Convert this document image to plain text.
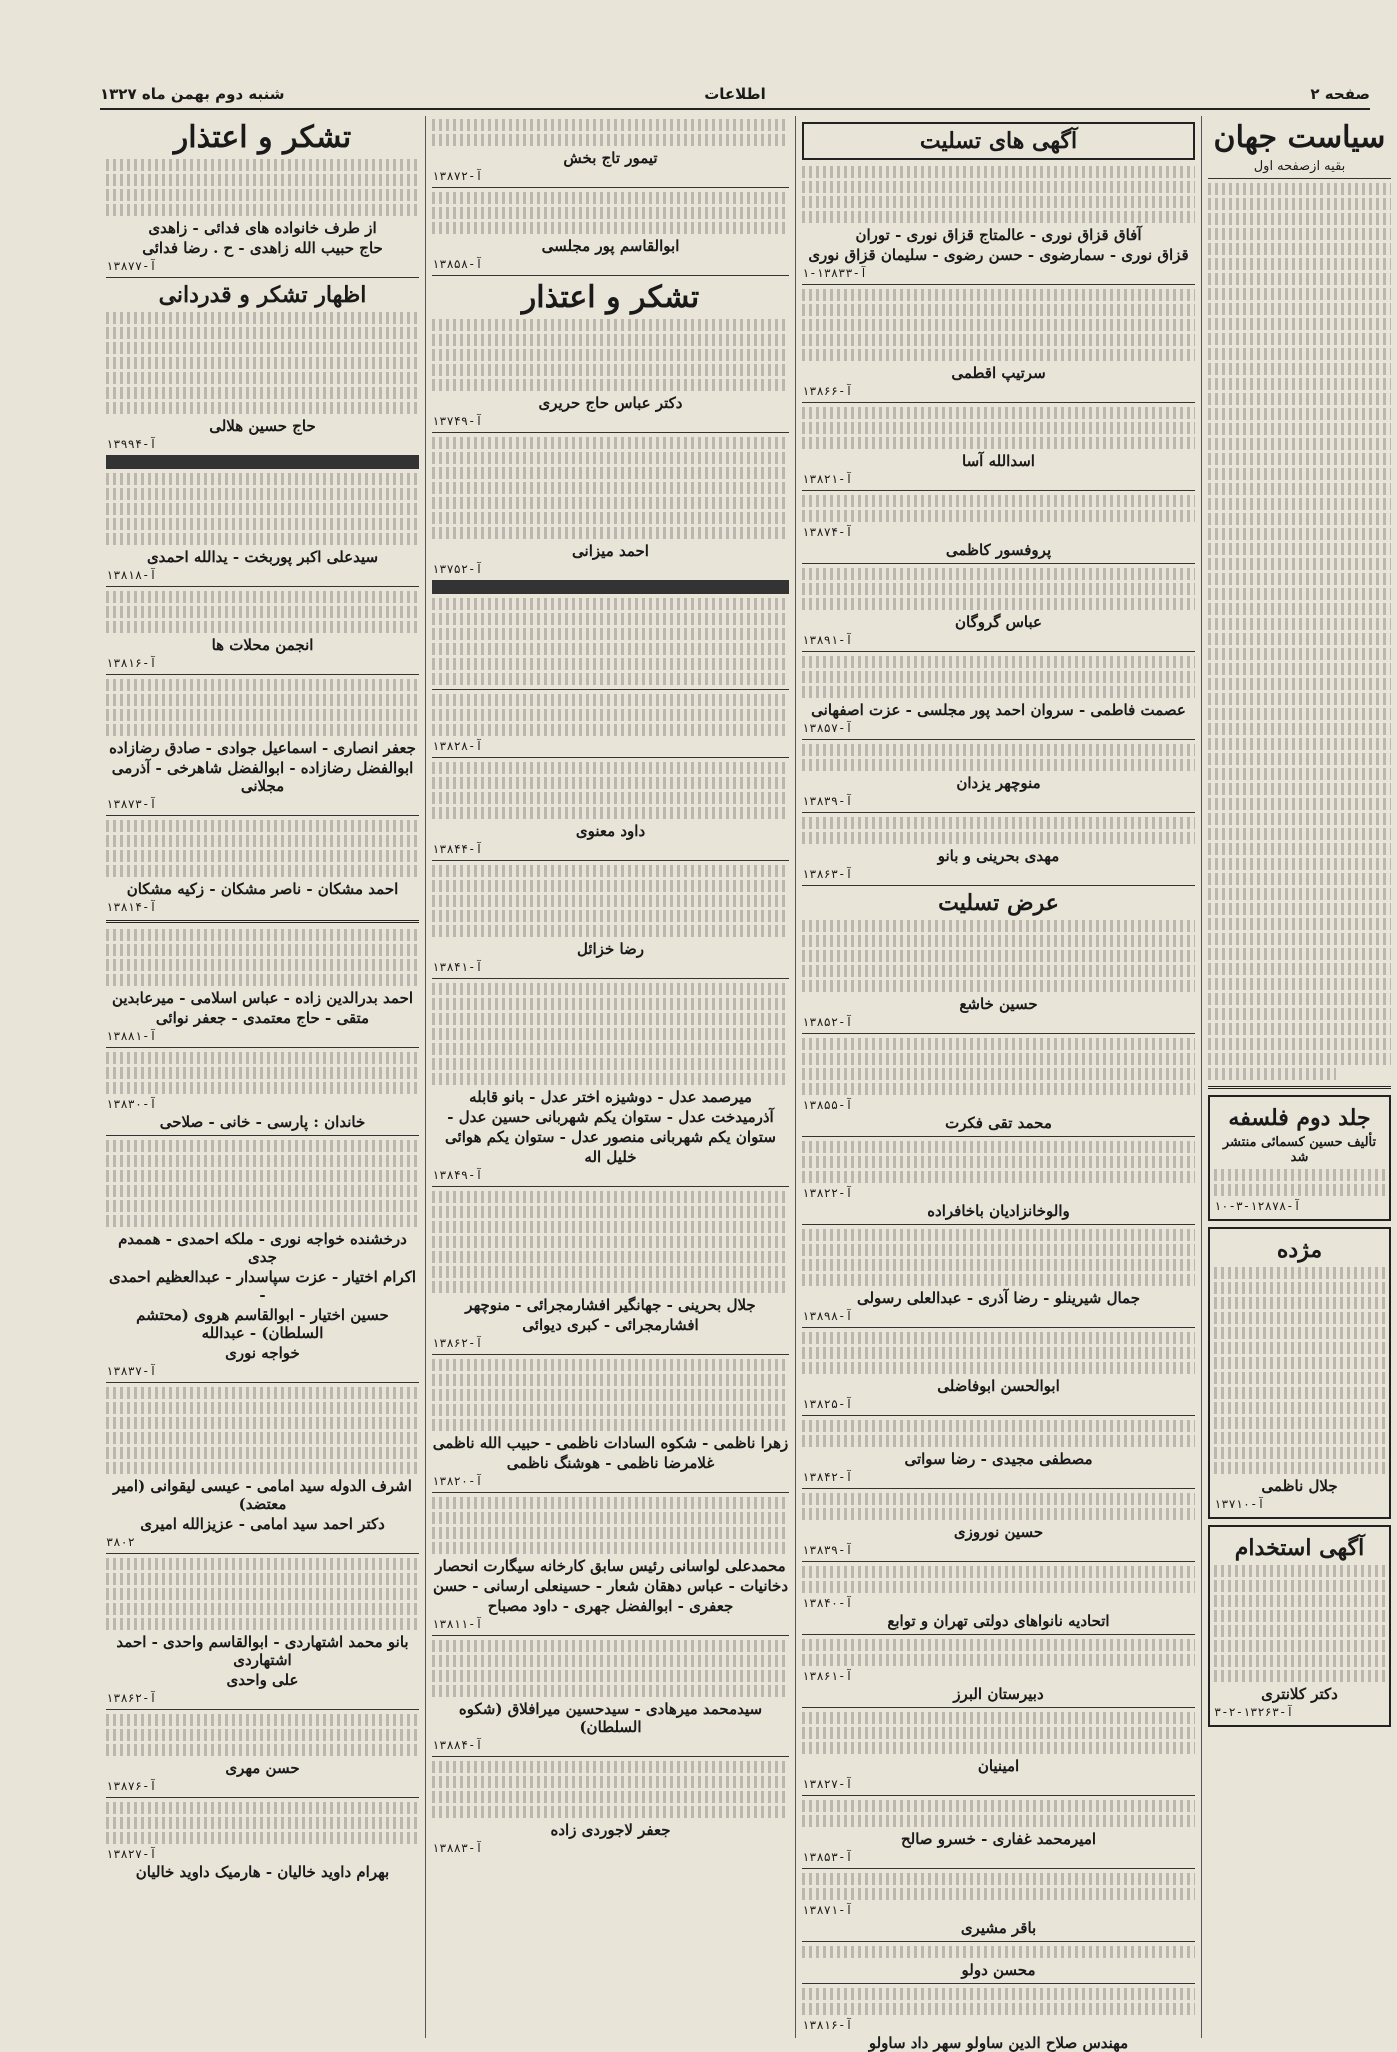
صفحه ۲
اطلاعات
شنبه دوم بهمن ماه ۱۳۲۷
سیاست جهان
بقیه ازصفحه اول
جلد دوم فلسفه
تألیف حسین کسمائی منتشر شد
آ-۱۲۸۷۸-۳-۱۰
مژده
جلال ناظمی
آ-۱۳۷۱۰
آگهی استخدام
دکتر کلانتری
آ-۱۳۲۶۳-۲-۳
آگهی های تسلیت
آفاق قزاق نوری - عالمتاج قزاق نوری - توران
قزاق نوری - سمارضوی - حسن رضوی - سلیمان قزاق نوری
آ-۱۳۸۳۳-۱
سرتیپ اقطمی
آ-۱۳۸۶۶
اسدالله آسا
آ-۱۳۸۲۱
آ-۱۳۸۷۴
پروفسور کاظمی
عباس گروگان
آ-۱۳۸۹۱
عصمت فاطمی - سروان احمد پور مجلسی - عزت اصفهانی
آ-۱۳۸۵۷
منوچهر یزدان
آ-۱۳۸۳۹
مهدی بحرینی و بانو
آ-۱۳۸۶۳
عرض تسلیت
حسین خاشع
آ-۱۳۸۵۲
آ-۱۳۸۵۵
محمد تقی فکرت
آ-۱۳۸۲۲
والوخانزادیان باخافراده
جمال شیرینلو - رضا آذری - عبدالعلی رسولی
آ-۱۳۸۹۸
ابوالحسن ابوفاضلی
آ-۱۳۸۲۵
مصطفی مجیدی - رضا سواتی
آ-۱۳۸۴۲
حسین نوروزی
آ-۱۳۸۳۹
آ-۱۳۸۴۰
اتحادیه نانواهای دولتی تهران و توابع
آ-۱۳۸۶۱
دبیرستان البرز
امینیان
آ-۱۳۸۲۷
امیرمحمد غفاری - خسرو صالح
آ-۱۳۸۵۳
آ-۱۳۸۷۱
باقر مشیری
محسن دولو
آ-۱۳۸۱۶
مهندس صلاح الدین ساولو سهر داد ساولو
تیمور تاج بخش
آ-۱۳۸۷۲
ابوالقاسم پور مجلسی
آ-۱۳۸۵۸
تشکر و اعتذار
دکتر عباس حاج حریری
آ-۱۳۷۴۹
احمد میزانی
آ-۱۳۷۵۲
آ-۱۳۸۲۸
داود معنوی
آ-۱۳۸۴۴
رضا خزائل
آ-۱۳۸۴۱
میرصمد عدل - دوشیزه اختر عدل - بانو قابله
آذرمیدخت عدل - ستوان یکم شهربانی حسین عدل -
ستوان یکم شهربانی منصور عدل - ستوان یکم هوائی
خلیل اله
آ-۱۳۸۴۹
جلال بحرینی - جهانگیر افشارمجرائی - منوچهر
افشارمجرائی - کبری دیوائی
آ-۱۳۸۶۲
زهرا ناظمی - شکوه السادات ناظمی - حبیب الله ناظمی
غلامرضا ناظمی - هوشنگ ناظمی
آ-۱۳۸۲۰
محمدعلی لواسانی رئیس سابق کارخانه سیگارت انحصار
دخانیات - عباس دهقان شعار - حسینعلی ارسانی - حسن
جعفری - ابوالفضل جهری - داود مصباح
آ-۱۳۸۱۱
سیدمحمد میرهادی - سیدحسین میرافلاق (شکوه السلطان)
آ-۱۳۸۸۴
جعفر لاجوردی زاده
آ-۱۳۸۸۳
تشکر و اعتذار
از طرف خانواده های فدائی - زاهدی
حاج حبیب الله زاهدی - ح . رضا فدائی
آ-۱۳۸۷۷
اظهار تشکر و قدردانی
حاج حسین هلالی
آ-۱۳۹۹۴
سیدعلی اکبر پوربخت - یدالله احمدی
آ-۱۳۸۱۸
انجمن محلات ها
آ-۱۳۸۱۶
جعفر انصاری - اسماعیل جوادی - صادق رضازاده
ابوالفضل رضازاده - ابوالفضل شاهرخی - آذرمی مجلانی
آ-۱۳۸۷۳
احمد مشکان - ناصر مشکان - زکیه مشکان
آ-۱۳۸۱۴
احمد بدرالدین زاده - عباس اسلامی - میرعابدین
متقی - حاج معتمدی - جعفر نوائی
آ-۱۳۸۸۱
آ-۱۳۸۳۰
خاندان : پارسی - خانی - صلاحی
درخشنده خواجه نوری - ملکه احمدی - هممدم جدی
اکرام اختیار - عزت سپاسدار - عبدالعظیم احمدی -
حسین اختیار - ابوالقاسم هروی (محتشم السلطان) - عبدالله
خواجه نوری
آ-۱۳۸۳۷
اشرف الدوله سید امامی - عیسی لیقوانی (امیر معتضد)
دکتر احمد سید امامی - عزیزالله امیری
۳۸۰۲
بانو محمد اشتهاردی - ابوالقاسم واحدی - احمد اشتهاردی
علی واحدی
آ-۱۳۸۶۲
حسن مهری
آ-۱۳۸۷۶
آ-۱۳۸۲۷
بهرام داوید خالیان - هارمیک داوید خالیان
